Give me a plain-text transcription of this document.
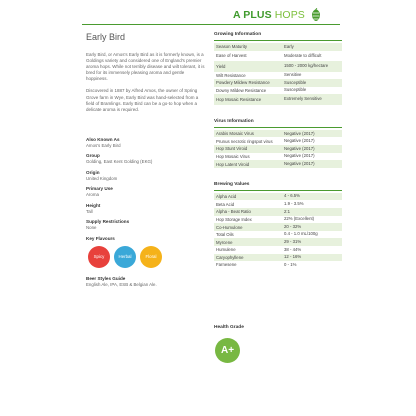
A PLUS HOPS
Early Bird

Early Bird, or Amos's Early Bird as it is formerly known, is a Goldings variety and considered one of England's premier aroma hops. While not terribly disease and wilt tolerant, it is bred for its immensely pleasing aroma and gentle hoppiness.

Discovered in 1887 by Alfred Amos, the owner of Spring Grove farm in Wye, Early Bird was hand-selected from a field of Bramlings. Early Bird can be a go-to hop when a delicate aroma is required.

Also Known As
Amos's Early Bird
Group
Golding, East Kent Golding (EKG)
Origin
United Kingdom
Primary Use
Aroma
Height
Tall
Supply Restrictions
None
Key Flavours
Spicy	Herbal	Floral
Beer Styles Guide
English Ale, IPA, ESB & Belgian Ale.
Growing Information
Season Maturity	Early
Ease of Harvest	Moderate to difficult
Yield	1500 - 2000 kg/hectare
Wilt Resistance	Sensitive
Powdery Mildew Resistance	Susceptible
Downy Mildew Resistance	Susceptible
Hop Mosaic Resistance	Extremely Sensitive
Virus Information
Arabis Mosaic Virus	Negative (2017)
Prunus necrotic ringspot virus	Negative (2017)
Hop Stunt Viroid	Negative (2017)
Hop Mosaic Virus	Negative (2017)
Hop Latent Viroid	Negative (2017)
Brewing Values
Alpha Acid	4 - 6.5%
Beta Acid	1.9 - 3.5%
Alpha - Beat Ratio	2:1
Hop Storage Index	22% (Excellent)
Co-Humulone	20 - 32%
Total Oils	0.4 - 1.0 mL/100g
Myrcene	29 - 31%
Humulene	38 - 44%
Caryophyllene	12 - 16%
Farnesene	0 - 1%
Health Grade
A+
